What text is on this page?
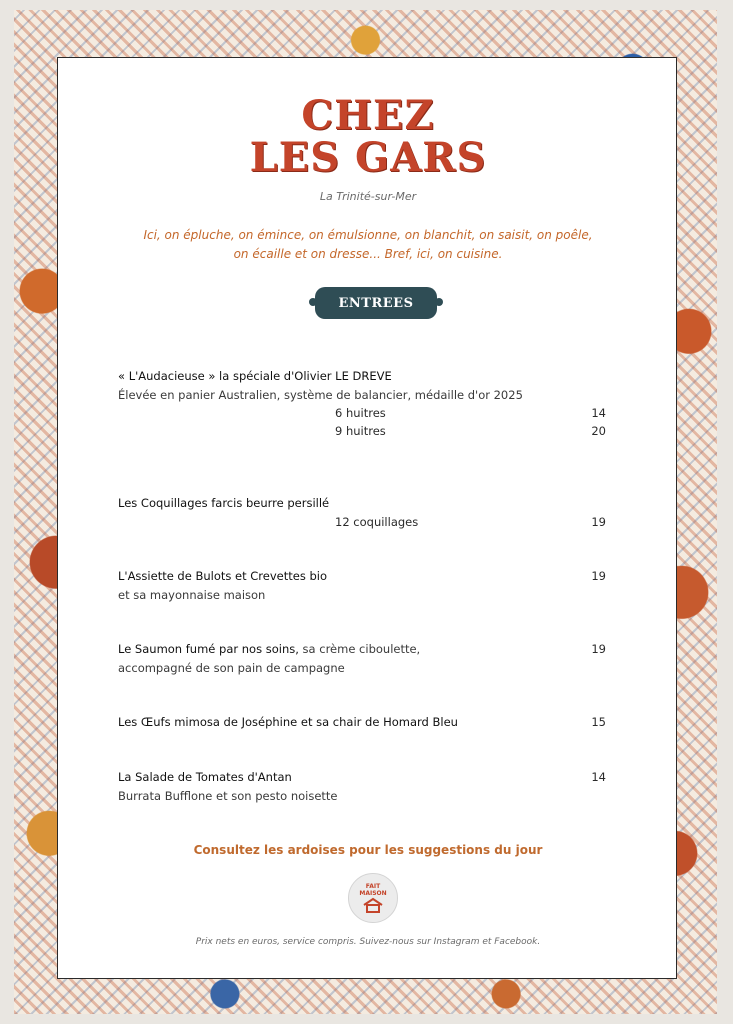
CHEZ
LES GARS
La Trinité-sur-Mer
Ici, on épluche, on émince, on émulsionne, on blanchit, on saisit, on poêle,
on écaille et on dresse... Bref, ici, on cuisine.
ENTREES
« L'Audacieuse » la spéciale d'Olivier LE DREVE
Élevée en panier Australien, système de balancier, médaille d'or 2025
6 huitres	14
9 huitres	20
Les Coquillages farcis beurre persillé
12 coquillages	19
L'Assiette de Bulots et Crevettes bio	19
et sa mayonnaise maison
Le Saumon fumé par nos soins, sa crème ciboulette,	19
accompagné de son pain de campagne
Les Œufs mimosa de Joséphine et sa chair de Homard Bleu	15
La Salade de Tomates d'Antan	14
Burrata Bufflone et son pesto noisette
Consultez les ardoises pour les suggestions du jour
FAIT
MAISON
Prix nets en euros, service compris. Suivez-nous sur Instagram et Facebook.
